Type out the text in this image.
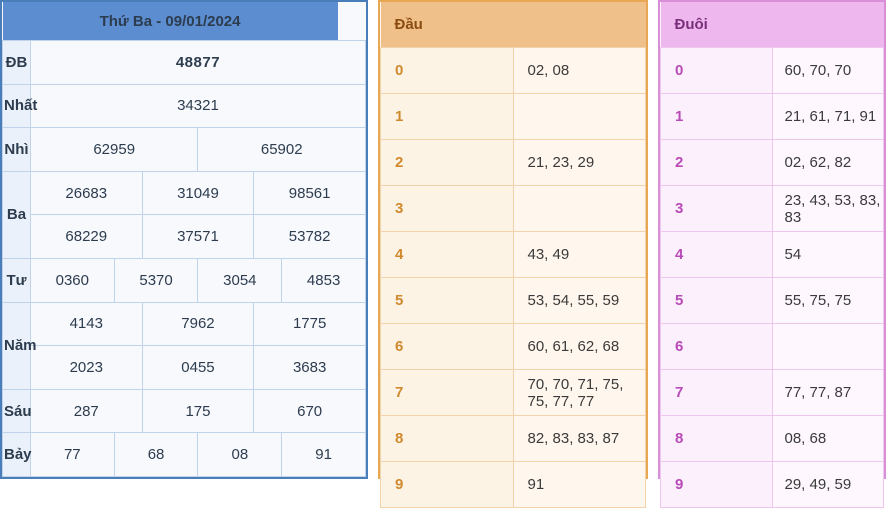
Thứ Ba - 09/01/2024						
ĐB	48877					
Nhất	34321					
Nhì	62959			65902		
Ba	26683		31049		98561	
	68229		37571		53782	
Tư	0360	5370		3054		4853
Năm	4143		7962		1775	
	2023		0455		3683	
Sáu	287		175		670	
Bảy	77	68		08		91
Đầu	
0	02, 08
1	
2	21, 23, 29
3	
4	43, 49
5	53, 54, 55, 59
6	60, 61, 62, 68
7	70, 70, 71, 75, 75, 77, 77
8	82, 83, 83, 87
9	91
Đuôi	
0	60, 70, 70
1	21, 61, 71, 91
2	02, 62, 82
3	23, 43, 53, 83, 83
4	54
5	55, 75, 75
6	
7	77, 77, 87
8	08, 68
9	29, 49, 59
